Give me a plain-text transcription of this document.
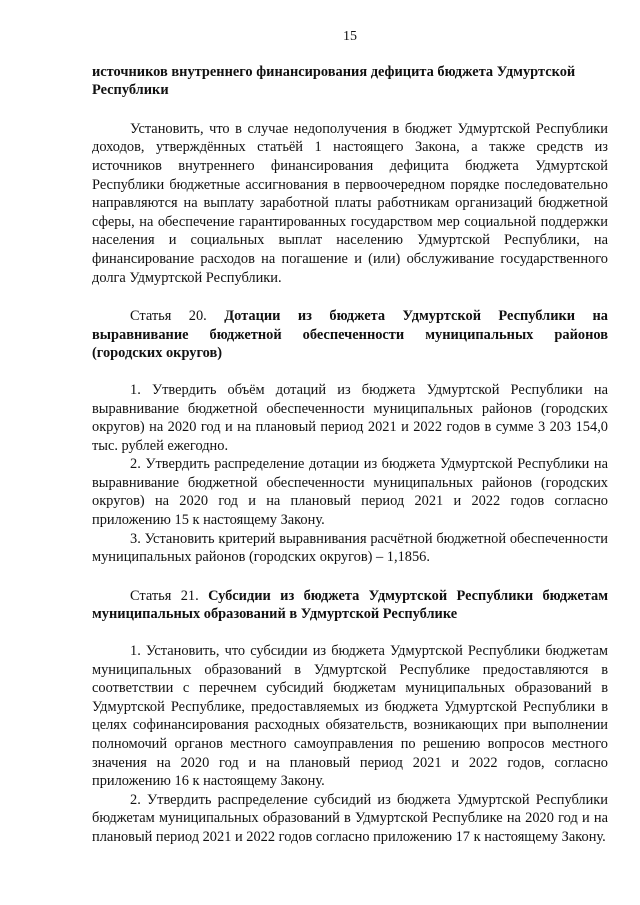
15

источников внутреннего финансирования дефицита бюджета Удмуртской Республики

Установить, что в случае недополучения в бюджет Удмуртской Республики доходов, утверждённых статьёй 1 настоящего Закона, а также средств из источников внутреннего финансирования дефицита бюджета Удмуртской Республики бюджетные ассигнования в первоочередном порядке последовательно направляются на выплату заработной платы работникам организаций бюджетной сферы, на обеспечение гарантированных государством мер социальной поддержки населения и социальных выплат населению Удмуртской Республики, на финансирование расходов на погашение и (или) обслуживание государственного долга Удмуртской Республики.

Статья 20. Дотации из бюджета Удмуртской Республики на выравнивание бюджетной обеспеченности муниципальных районов (городских округов)

1. Утвердить объём дотаций из бюджета Удмуртской Республики на выравнивание бюджетной обеспеченности муниципальных районов (городских округов) на 2020 год и на плановый период 2021 и 2022 годов в сумме 3 203 154,0 тыс. рублей ежегодно.

2. Утвердить распределение дотации из бюджета Удмуртской Республики на выравнивание бюджетной обеспеченности муниципальных районов (городских округов) на 2020 год и на плановый период 2021 и 2022 годов согласно приложению 15 к настоящему Закону.

3. Установить критерий выравнивания расчётной бюджетной обеспеченности муниципальных районов (городских округов) – 1,1856.

Статья 21. Субсидии из бюджета Удмуртской Республики бюджетам муниципальных образований в Удмуртской Республике

1. Установить, что субсидии из бюджета Удмуртской Республики бюджетам муниципальных образований в Удмуртской Республике предоставляются в соответствии с перечнем субсидий бюджетам муниципальных образований в Удмуртской Республике, предоставляемых из бюджета Удмуртской Республики в целях софинансирования расходных обязательств, возникающих при выполнении полномочий органов местного самоуправления по решению вопросов местного значения на 2020 год и на плановый период 2021 и 2022 годов, согласно приложению 16 к настоящему Закону.

2. Утвердить распределение субсидий из бюджета Удмуртской Республики бюджетам муниципальных образований в Удмуртской Республике на 2020 год и на плановый период 2021 и 2022 годов согласно приложению 17 к настоящему Закону.
